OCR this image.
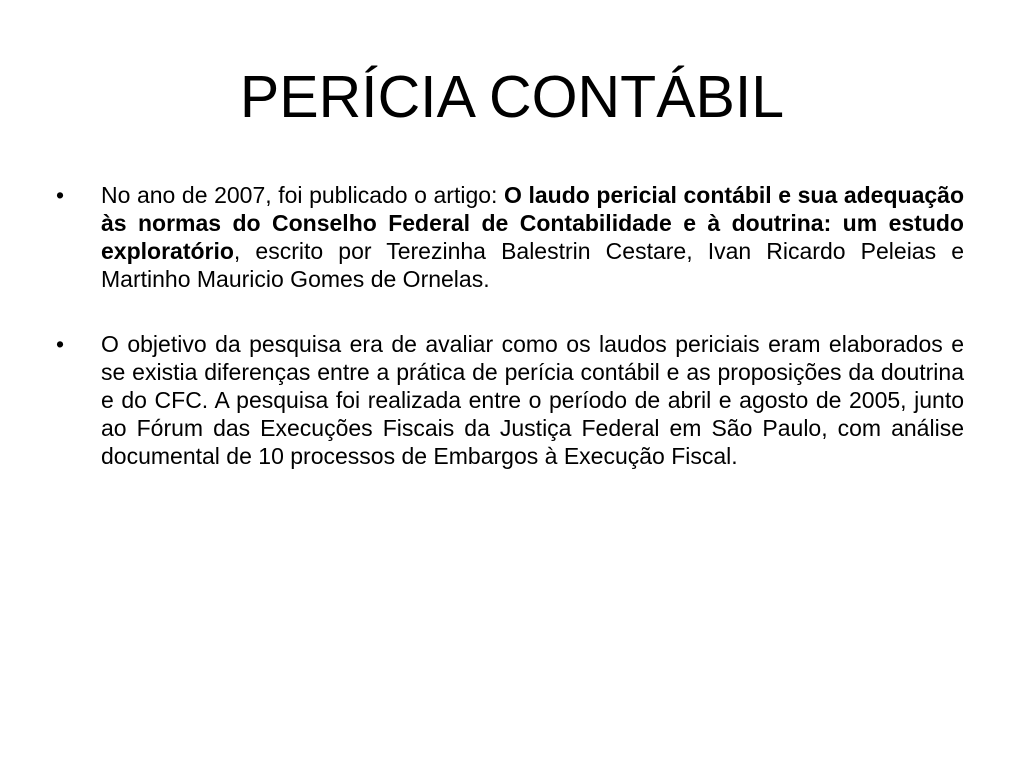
PERÍCIA CONTÁBIL
•	No ano de 2007, foi publicado o artigo: O laudo pericial contábil e sua adequação às normas do Conselho Federal de Contabilidade e à doutrina: um estudo exploratório, escrito por Terezinha Balestrin Cestare, Ivan Ricardo Peleias e Martinho Mauricio Gomes de Ornelas.
•	O objetivo da pesquisa era de avaliar como os laudos periciais eram elaborados e se existia diferenças entre a prática de perícia contábil e as proposições da doutrina e do CFC. A pesquisa foi realizada entre o período de abril e agosto de 2005, junto ao Fórum das Execuções Fiscais da Justiça Federal em São Paulo, com análise documental de 10 processos de Embargos à Execução Fiscal.
